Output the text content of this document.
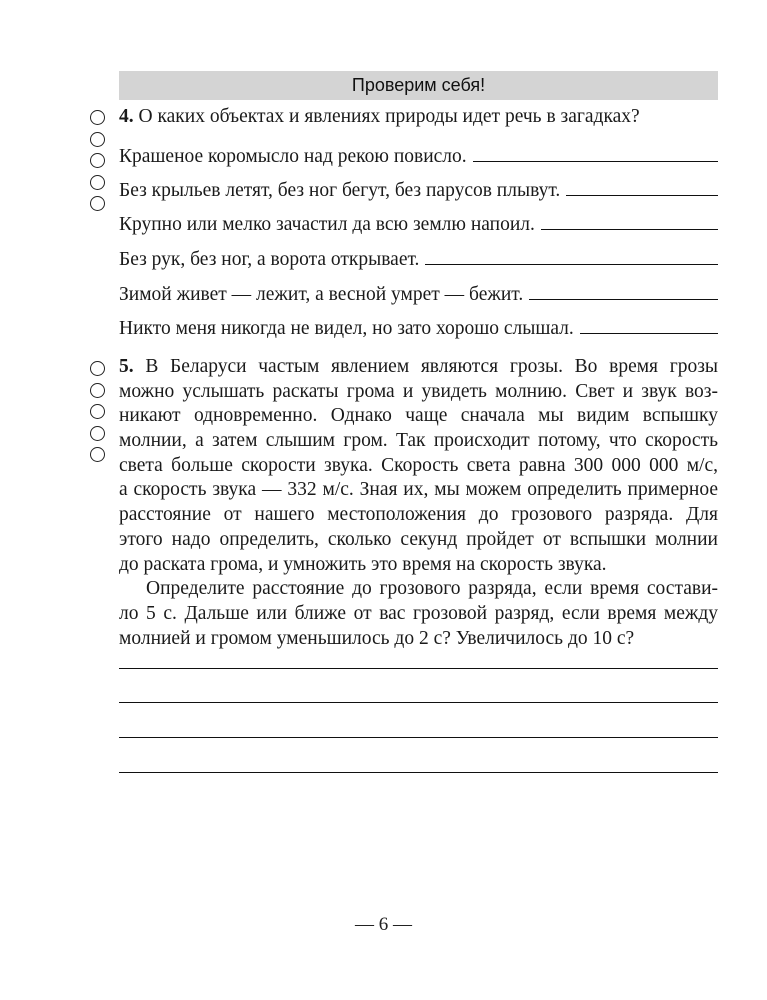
Проверим себя!
4. О каких объектах и явлениях природы идет речь в загадках?
Крашеное коромысло над рекою повисло.
Без крыльев летят, без ног бегут, без парусов плывут.
Крупно или мелко зачастил да всю землю напоил.
Без рук, без ног, а ворота открывает.
Зимой живет — лежит, а весной умрет — бежит.
Никто меня никогда не видел, но зато хорошо слышал.
5. В Беларуси частым явлением являются грозы. Во время грозы
можно услышать раскаты грома и увидеть молнию. Свет и звук воз-
никают одновременно. Однако чаще сначала мы видим вспышку
молнии, а затем слышим гром. Так происходит потому, что скорость
света больше скорости звука. Скорость света равна 300 000 000 м/с,
а скорость звука — 332 м/с. Зная их, мы можем определить примерное
расстояние от нашего местоположения до грозового разряда. Для
этого надо определить, сколько секунд пройдет от вспышки молнии
до раската грома, и умножить это время на скорость звука.
Определите расстояние до грозового разряда, если время состави-
ло 5 с. Дальше или ближе от вас грозовой разряд, если время между
молнией и громом уменьшилось до 2 с? Увеличилось до 10 с?
— 6 —
